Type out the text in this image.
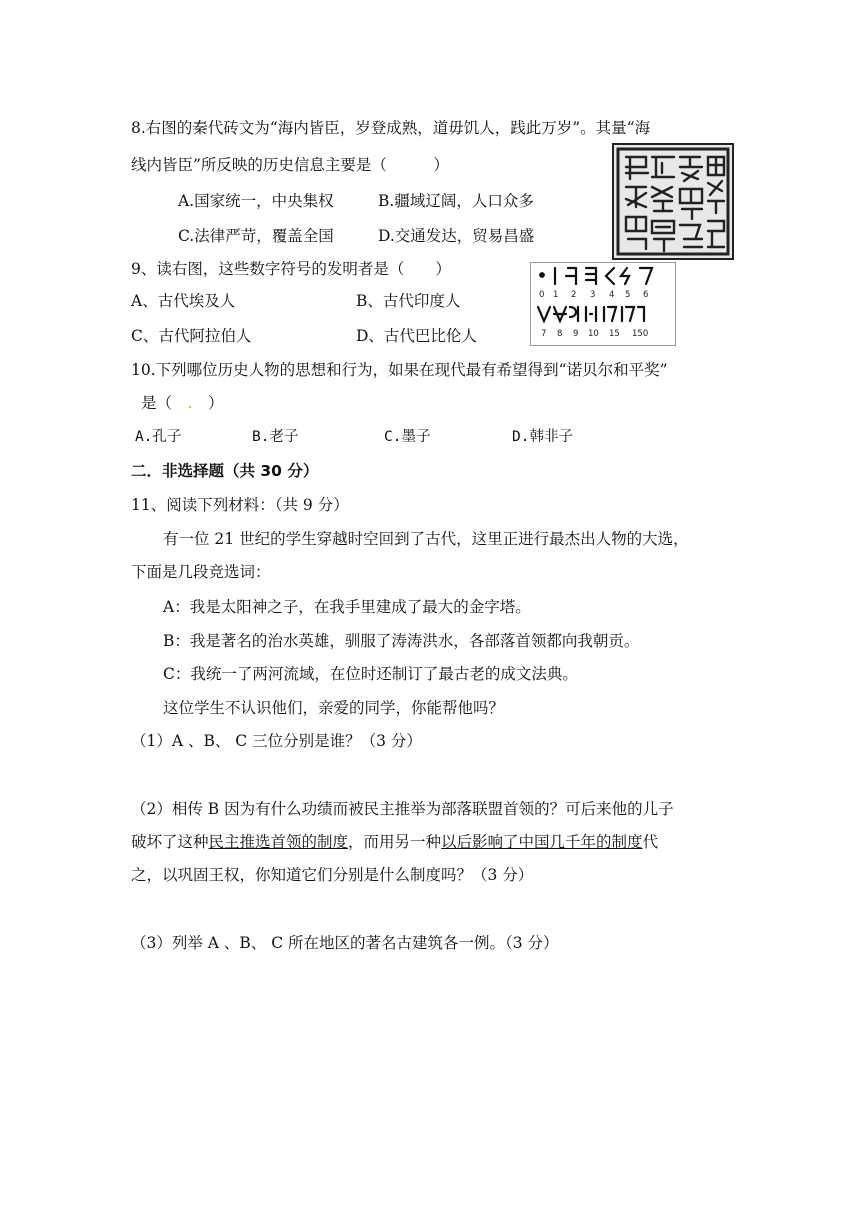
8.右图的秦代砖文为“海内皆臣，岁登成熟，道毋饥人，践此万岁”。其量“海
线内皆臣”所反映的历史信息主要是（　　　）
A.国家统一，中央集权	B.疆域辽阔，人口众多
C.法律严苛，覆盖全国	D.交通发达，贸易昌盛
9、读右图，这些数字符号的发明者是（　　）
A、古代埃及人	B、古代印度人
C、古代阿拉伯人	D、古代巴比伦人
0 1 2 3 4 5 6
7 8 9 10 15 150
10.下列哪位历史人物的思想和行为，如果在现代最有希望得到“诺贝尔和平奖”
是（　.　）
A.孔子	B.老子	C.墨子	D.韩非子
二．非选择题（共 30 分）
11、阅读下列材料：（共 9 分）
有一位 21 世纪的学生穿越时空回到了古代，这里正进行最杰出人物的大选，
下面是几段竞选词：
A：我是太阳神之子，在我手里建成了最大的金字塔。
B：我是著名的治水英雄，驯服了涛涛洪水，各部落首领都向我朝贡。
C：我统一了两河流域，在位时还制订了最古老的成文法典。
这位学生不认识他们，亲爱的同学，你能帮他吗？
（1）A 、B、 C 三位分别是谁？（3 分）
（2）相传 B 因为有什么功绩而被民主推举为部落联盟首领的？可后来他的儿子
破坏了这种民主推选首领的制度，而用另一种以后影响了中国几千年的制度代
之，以巩固王权，你知道它们分别是什么制度吗？（3 分）
（3）列举 A 、B、 C 所在地区的著名古建筑各一例。（3 分）
